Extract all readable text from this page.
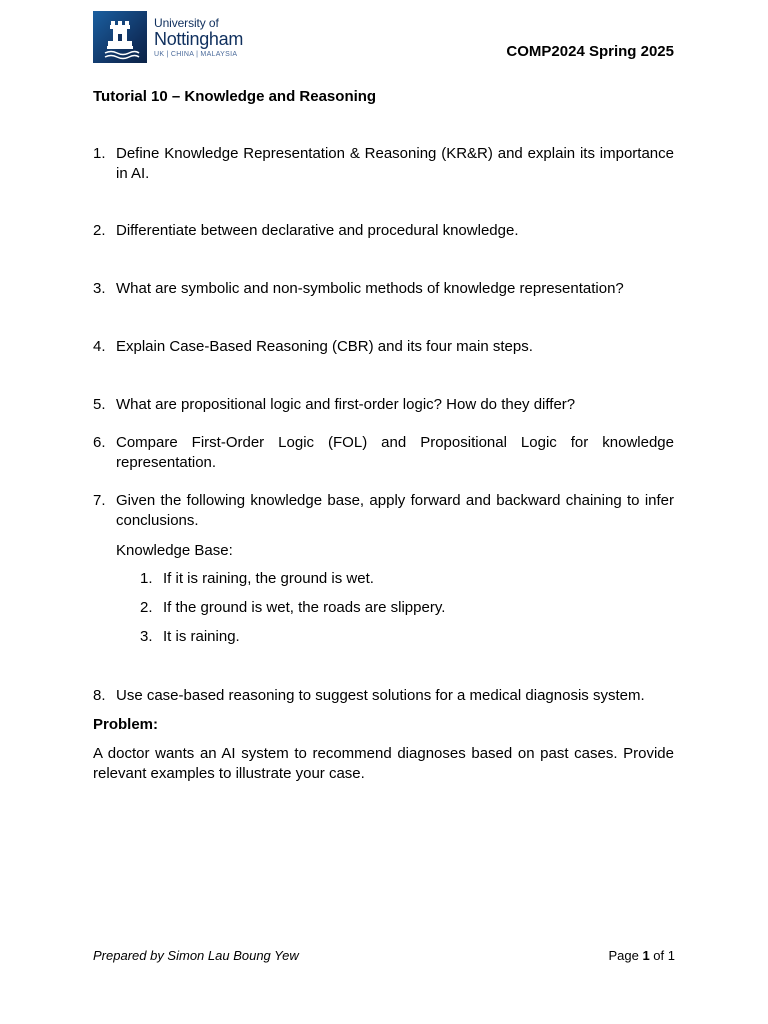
University of
Nottingham
UK | CHINA | MALAYSIA	COMP2024 Spring 2025
Tutorial 10 – Knowledge and Reasoning
1. Define Knowledge Representation & Reasoning (KR&R) and explain its importance in AI.
2. Differentiate between declarative and procedural knowledge.
3. What are symbolic and non-symbolic methods of knowledge representation?
4. Explain Case-Based Reasoning (CBR) and its four main steps.
5. What are propositional logic and first-order logic? How do they differ?
6. Compare First-Order Logic (FOL) and Propositional Logic for knowledge representation.
7. Given the following knowledge base, apply forward and backward chaining to infer conclusions.
Knowledge Base:
1. If it is raining, the ground is wet.
2. If the ground is wet, the roads are slippery.
3. It is raining.
8. Use case-based reasoning to suggest solutions for a medical diagnosis system.
Problem:
A doctor wants an AI system to recommend diagnoses based on past cases. Provide relevant examples to illustrate your case.
Prepared by Simon Lau Boung Yew	Page 1 of 1
